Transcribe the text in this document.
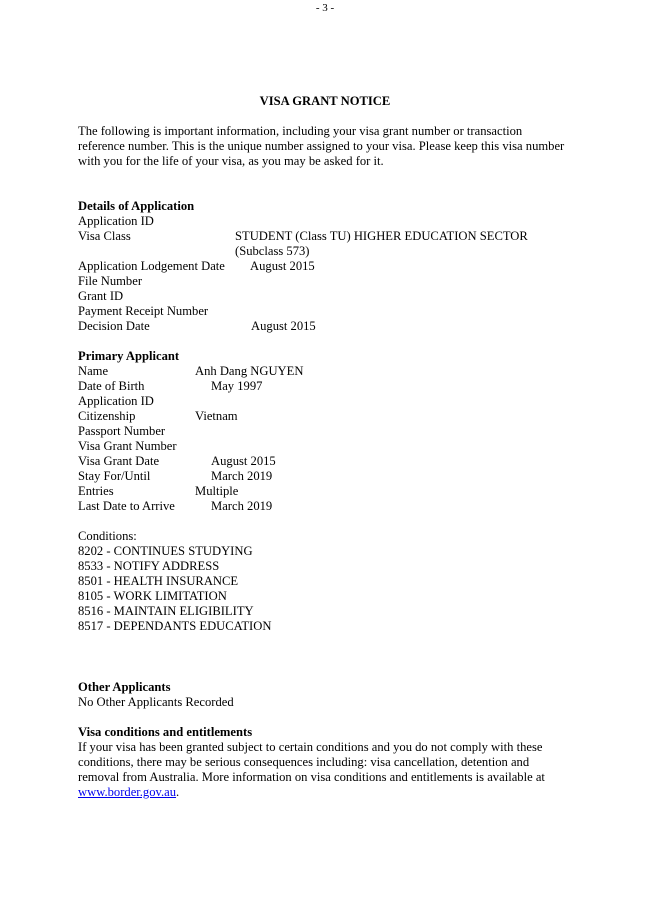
- 3 -
VISA GRANT NOTICE
The following is important information, including your visa grant number or transaction reference number. This is the unique number assigned to your visa. Please keep this visa number with you for the life of your visa, as you may be asked for it.
Details of Application
Application ID
Visa Class	STUDENT (Class TU) HIGHER EDUCATION SECTOR
(Subclass 573)
Application Lodgement Date August 2015
File Number
Grant ID
Payment Receipt Number
Decision Date	August 2015
Primary Applicant
Name	Anh Dang NGUYEN
Date of Birth	May 1997
Application ID
Citizenship	Vietnam
Passport Number
Visa Grant Number
Visa Grant Date	August 2015
Stay For/Until	March 2019
Entries	Multiple
Last Date to Arrive	March 2019
Conditions:
8202 - CONTINUES STUDYING
8533 - NOTIFY ADDRESS
8501 - HEALTH INSURANCE
8105 - WORK LIMITATION
8516 - MAINTAIN ELIGIBILITY
8517 - DEPENDANTS EDUCATION
Other Applicants
No Other Applicants Recorded
Visa conditions and entitlements
If your visa has been granted subject to certain conditions and you do not comply with these conditions, there may be serious consequences including: visa cancellation, detention and removal from Australia. More information on visa conditions and entitlements is available at www.border.gov.au.
